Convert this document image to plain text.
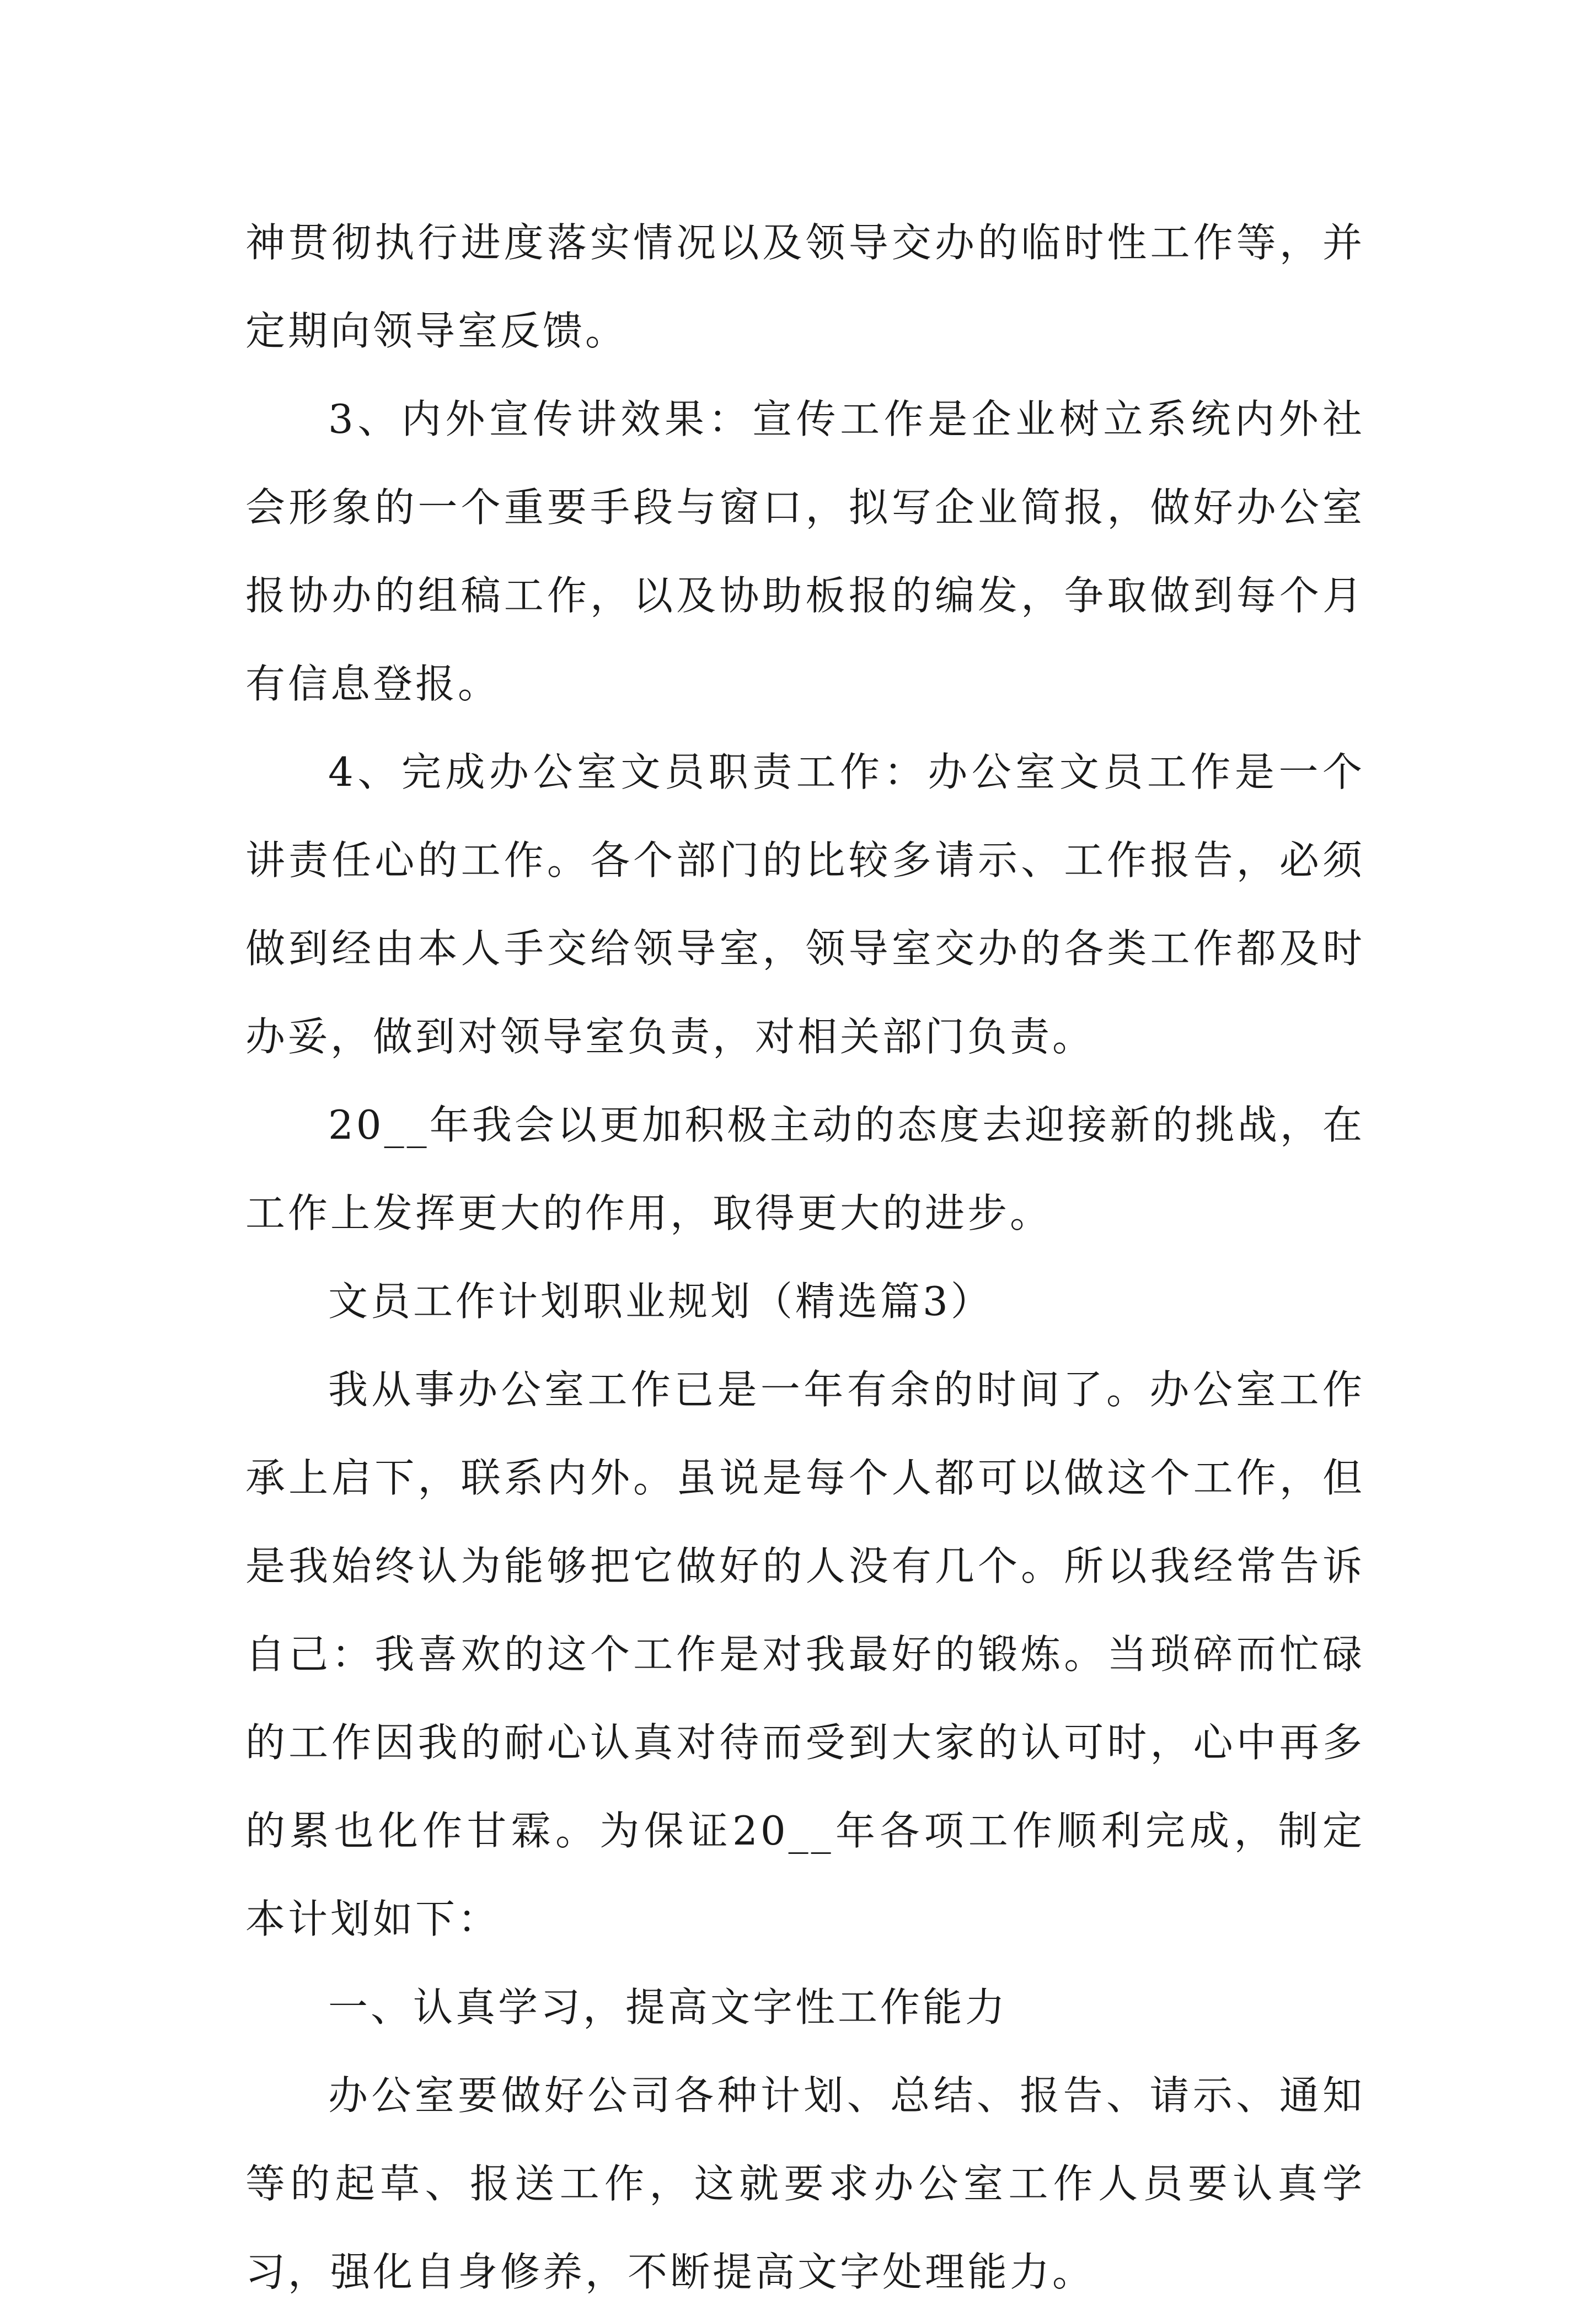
神贯彻执行进度落实情况以及领导交办的临时性工作等，并定期向领导室反馈。

3、内外宣传讲效果：宣传工作是企业树立系统内外社会形象的一个重要手段与窗口，拟写企业简报，做好办公室报协办的组稿工作，以及协助板报的编发，争取做到每个月有信息登报。

4、完成办公室文员职责工作：办公室文员工作是一个讲责任心的工作。各个部门的比较多请示、工作报告，必须做到经由本人手交给领导室，领导室交办的各类工作都及时办妥，做到对领导室负责，对相关部门负责。

20__年我会以更加积极主动的态度去迎接新的挑战，在工作上发挥更大的作用，取得更大的进步。

文员工作计划职业规划（精选篇3）

我从事办公室工作已是一年有余的时间了。办公室工作承上启下，联系内外。虽说是每个人都可以做这个工作，但是我始终认为能够把它做好的人没有几个。所以我经常告诉自己：我喜欢的这个工作是对我最好的锻炼。当琐碎而忙碌的工作因我的耐心认真对待而受到大家的认可时，心中再多的累也化作甘霖。为保证20__年各项工作顺利完成，制定本计划如下：

一、认真学习，提高文字性工作能力

办公室要做好公司各种计划、总结、报告、请示、通知等的起草、报送工作，这就要求办公室工作人员要认真学习，强化自身修养，不断提高文字处理能力。
